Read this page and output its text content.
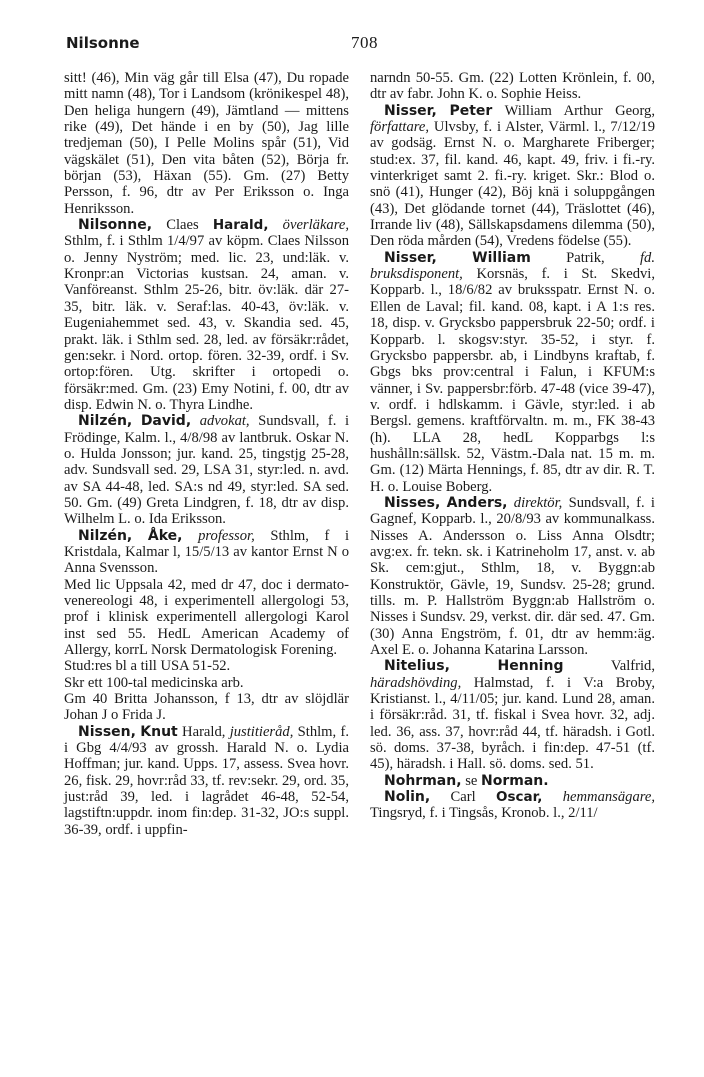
Nilsonne	708

sitt! (46), Min väg går till Elsa (47), Du ropade mitt namn (48), Tor i Landsom (krönikespel 48), Den heliga hungern (49), Jämtland — mittens rike (49), Det hände i en by (50), Jag lille tredjeman (50), I Pelle Molins spår (51), Vid vägskälet (51), Den vita båten (52), Börja fr. början (53), Häxan (55). Gm. (27) Betty Persson, f. 96, dtr av Per Eriksson o. Inga Henriksson.

Nilsonne, Claes Harald, överläkare, Sthlm, f. i Sthlm 1/4/97 av köpm. Claes Nilsson o. Jenny Nyström; med. lic. 23, und:läk. v. Kronpr:an Victorias kustsan. 24, aman. v. Vanföreanst. Sthlm 25-26, bitr. öv:läk. där 27-35, bitr. läk. v. Seraf:las. 40-43, öv:läk. v. Eugeniahemmet sed. 43, v. Skandia sed. 45, prakt. läk. i Sthlm sed. 28, led. av försäkr:rådet, gen:sekr. i Nord. ortop. fören. 32-39, ordf. i Sv. ortop:fören. Utg. skrifter i ortopedi o. försäkr:med. Gm. (23) Emy Notini, f. 00, dtr av disp. Edwin N. o. Thyra Lindhe.

Nilzén, David, advokat, Sundsvall, f. i Frödinge, Kalm. l., 4/8/98 av lantbruk. Oskar N. o. Hulda Jonsson; jur. kand. 25, tingstjg 25-28, adv. Sundsvall sed. 29, LSA 31, styr:led. n. avd. av SA 44-48, led. SA:s nd 49, styr:led. SA sed. 50. Gm. (49) Greta Lindgren, f. 18, dtr av disp. Wilhelm L. o. Ida Eriksson.

Nilzén, Åke, professor, Sthlm, f i Kristdala, Kalmar l, 15/5/13 av kantor Ernst N o Anna Svensson.

Med lic Uppsala 42, med dr 47, doc i dermato-venereologi 48, i experimentell allergologi 53, prof i klinisk experimentell allergologi Karol inst sed 55. HedL American Academy of Allergy, korrL Norsk Dermatologisk Forening.

Stud:res bl a till USA 51-52.

Skr ett 100-tal medicinska arb.

Gm 40 Britta Johansson, f 13, dtr av slöjdlär Johan J o Frida J.

Nissen, Knut Harald, justitieråd, Sthlm, f. i Gbg 4/4/93 av grossh. Harald N. o. Lydia Hoffman; jur. kand. Upps. 17, assess. Svea hovr. 26, fisk. 29, hovr:råd 33, tf. rev:sekr. 29, ord. 35, just:råd 39, led. i lagrådet 46-48, 52-54, lagstiftn:uppdr. inom fin:dep. 31-32, JO:s suppl. 36-39, ordf. i uppfin-

narndn 50-55. Gm. (22) Lotten Krönlein, f. 00, dtr av fabr. John K. o. Sophie Heiss.

Nisser, Peter William Arthur Georg, författare, Ulvsby, f. i Alster, Värml. l., 7/12/19 av godsäg. Ernst N. o. Margharete Friberger; stud:ex. 37, fil. kand. 46, kapt. 49, friv. i fi.-ry. vinterkriget samt 2. fi.-ry. kriget. Skr.: Blod o. snö (41), Hunger (42), Böj knä i soluppgången (43), Det glödande tornet (44), Träslottet (46), Irrande liv (48), Sällskapsdamens dilemma (50), Den röda mården (54), Vredens födelse (55).

Nisser,	William Patrik, fd. bruksdisponent, Korsnäs, f. i St. Skedvi, Kopparb. l., 18/6/82 av bruksspatr. Ernst N. o. Ellen de Laval; fil. kand. 08, kapt. i A 1:s res. 18, disp. v. Grycksbo pappersbruk 22-50; ordf. i Kopparb. l. skogsv:styr. 35-52, i styr. f. Grycksbo pappersbr. ab, i Lindbyns kraftab, f. Gbgs bks prov:central i Falun, i KFUM:s vänner, i Sv. pappersbr:förb. 47-48 (vice 39-47), v. ordf. i hdlskamm. i Gävle, styr:led. i ab Bergsl. gemens. kraftförvaltn. m. m., FK 38-43 (h). LLA 28, hedL Kopparbgs l:s hushålln:sällsk. 52, Västm.-Dala nat. 15 m. m. Gm. (12) Märta Hennings, f. 85, dtr av dir. R. T. H. o. Louise Boberg.

Nisses, Anders, direktör, Sundsvall, f. i Gagnef, Kopparb. l., 20/8/93 av kommunalkass. Nisses A. Andersson o. Liss Anna Olsdtr; avg:ex. fr. tekn. sk. i Katrineholm 17, anst. v. ab Sk. cem:gjut., Sthlm, 18, v. Byggn:ab Konstruktör, Gävle, 19, Sundsv. 25-28; grund. tills. m. P. Hallström Byggn:ab Hallström o. Nisses i Sundsv. 29, verkst. dir. där sed. 47. Gm. (30) Anna Engström, f. 01, dtr av hemm:äg. Axel E. o. Johanna Katarina Larsson.

Nitelius,	Henning	Valfrid, häradshövding, Halmstad, f. i V:a Broby, Kristianst. l., 4/11/05; jur. kand. Lund 28, aman. i försäkr:råd. 31, tf. fiskal i Svea hovr. 32, adj. led. 36, ass. 37, hovr:råd 44, tf. häradsh. i Gotl. sö. doms. 37-38, byråch. i fin:dep. 47-51 (tf. 45), häradsh. i Hall. sö. doms. sed. 51.

Nohrman, se Norman.

Nolin, Carl Oscar, hemmansägare, Tingsryd, f. i Tingsås, Kronob. l., 2/11/
